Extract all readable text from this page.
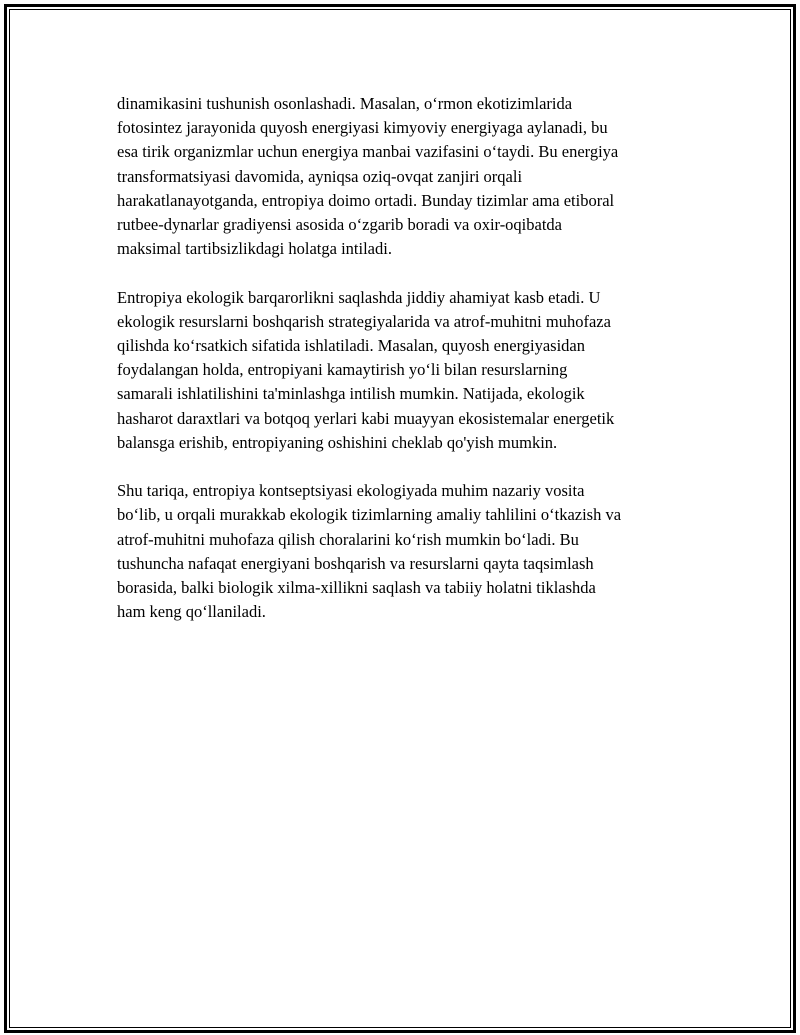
dinamikasini tushunish osonlashadi. Masalan, o‘rmon ekotizimlarida
fotosintez jarayonida quyosh energiyasi kimyoviy energiyaga aylanadi, bu
esa tirik organizmlar uchun energiya manbai vazifasini o‘taydi. Bu energiya
transformatsiyasi davomida, ayniqsa oziq-ovqat zanjiri orqali
harakatlanayotganda, entropiya doimo ortadi. Bunday tizimlar ama etiboral
rutbee-dynarlar gradiyensi asosida o‘zgarib boradi va oxir-oqibatda
maksimal tartibsizlikdagi holatga intiladi.

Entropiya ekologik barqarorlikni saqlashda jiddiy ahamiyat kasb etadi. U
ekologik resurslarni boshqarish strategiyalarida va atrof-muhitni muhofaza
qilishda ko‘rsatkich sifatida ishlatiladi. Masalan, quyosh energiyasidan
foydalangan holda, entropiyani kamaytirish yo‘li bilan resurslarning
samarali ishlatilishini ta'minlashga intilish mumkin. Natijada, ekologik
hasharot daraxtlari va botqoq yerlari kabi muayyan ekosistemalar energetik
balansga erishib, entropiyaning oshishini cheklab qo'yish mumkin.

Shu tariqa, entropiya kontseptsiyasi ekologiyada muhim nazariy vosita
bo‘lib, u orqali murakkab ekologik tizimlarning amaliy tahlilini o‘tkazish va
atrof-muhitni muhofaza qilish choralarini ko‘rish mumkin bo‘ladi. Bu
tushuncha nafaqat energiyani boshqarish va resurslarni qayta taqsimlash
borasida, balki biologik xilma-xillikni saqlash va tabiiy holatni tiklashda
ham keng qo‘llaniladi.
